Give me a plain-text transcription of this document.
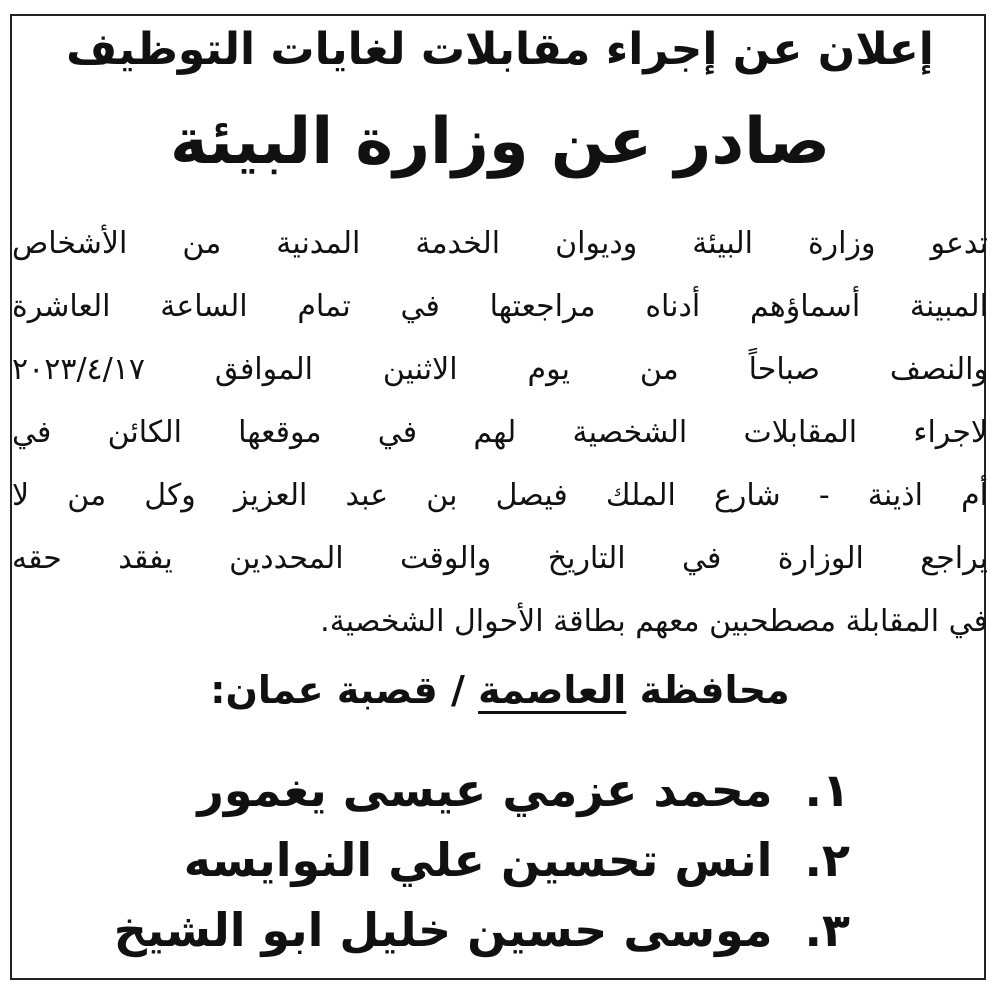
إعلان عن إجراء مقابلات لغايات التوظيف
صادر عن وزارة البيئة
تدعو وزارة البيئة وديوان الخدمة المدنية من الأشخاص
المبينة أسماؤهم أدناه مراجعتها في تمام الساعة العاشرة
والنصف صباحاً من يوم الاثنين الموافق ٢٠٢٣/٤/١٧
لاجراء المقابلات الشخصية لهم في موقعها الكائن في
أم اذينة - شارع الملك فيصل بن عبد العزيز وكل من لا
يراجع الوزارة في التاريخ والوقت المحددين يفقد حقه
في المقابلة مصطحبين معهم بطاقة الأحوال الشخصية.
محافظة العاصمة / قصبة عمان:
١.محمد عزمي عيسى يغمور
٢.انس تحسين علي النوايسه
٣.موسى حسين خليل ابو الشيخ
